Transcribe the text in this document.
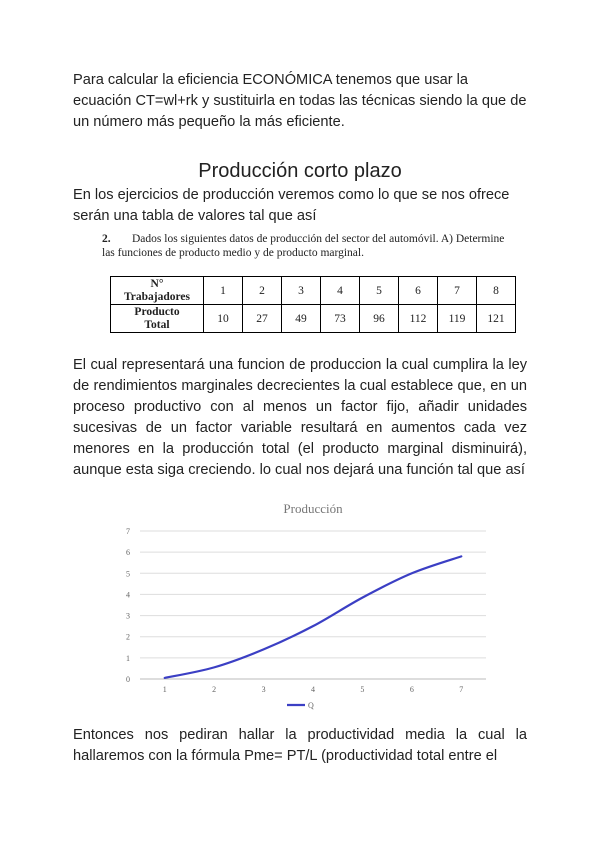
Para calcular la eficiencia ECONÓMICA tenemos que usar la ecuación CT=wl+rk y sustituirla en todas las técnicas siendo la que de un número más pequeño la más eficiente.

Producción corto plazo

En los ejercicios de producción veremos como lo que se nos ofrece serán una tabla de valores tal que así

2. Dados los siguientes datos de producción del sector del automóvil. A) Determine
las funciones de producto medio y de producto marginal.
N°
Trabajadores	1	2	3	4	5	6	7	8
Producto
Total	10	27	49	73	96	112	119	121

El cual representará una funcion de produccion la cual cumplira la ley de rendimientos marginales decrecientes la cual establece que, en un proceso productivo con al menos un factor fijo, añadir unidades sucesivas de un factor variable resultará en aumentos cada vez menores en la producción total (el producto marginal disminuirá), aunque esta siga creciendo. lo cual nos dejará una función tal que así

Producción
0
1
2
3
4
5
6
7
1	2	3	4	5	6	7
Q

Entonces nos pediran hallar la productividad media la cual la hallaremos con la fórmula Pme= PT/L (productividad total entre el
